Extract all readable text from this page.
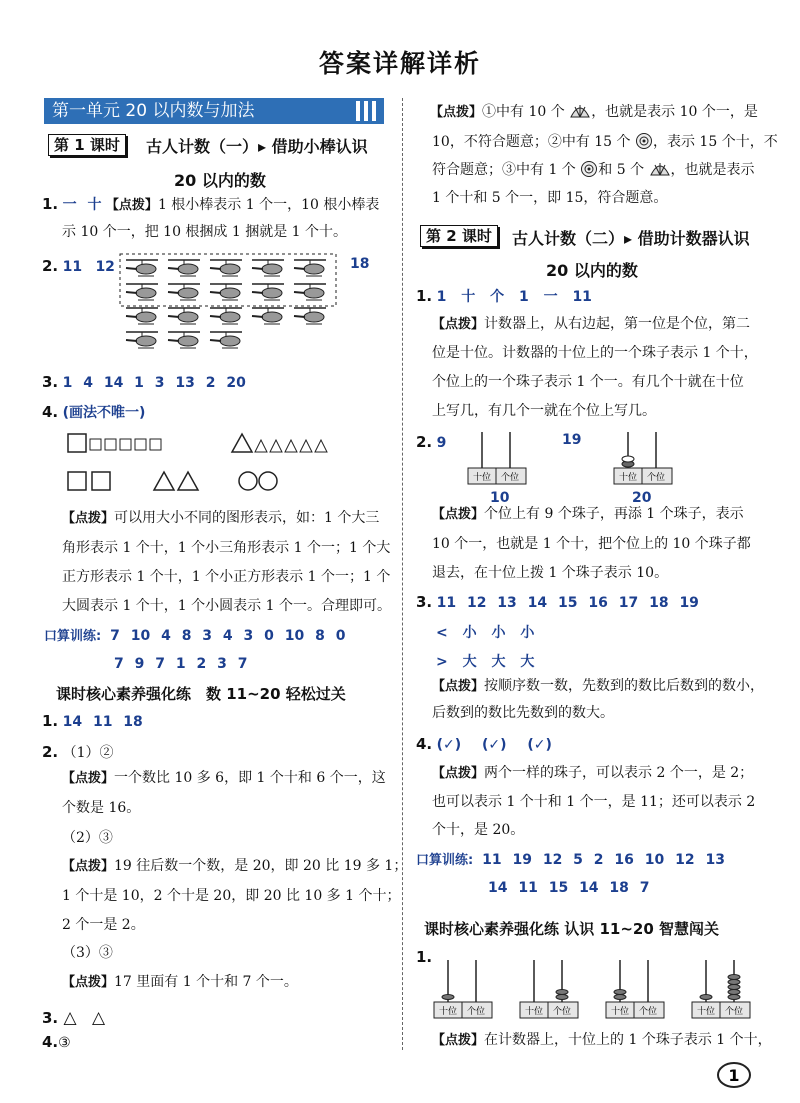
答案详解详析
第一单元 20 以内数与加法
第 1 课时	古人计数（一）▸ 借助小棒认识
20 以内的数
1. 一 十 【点拨】1 根小棒表示 1 个一，10 根小棒表
示 10 个一，把 10 根捆成 1 捆就是 1 个十。
2. 11 12	18
3. 1 4 14 1 3 13 2 20
4. (画法不唯一)
【点拨】可以用大小不同的图形表示，如：1 个大三
角形表示 1 个十，1 个小三角形表示 1 个一；1 个大
正方形表示 1 个十，1 个小正方形表示 1 个一；1 个
大圆表示 1 个十，1 个小圆表示 1 个一。合理即可。
口算训练: 7 10 4 8 3 4 3 0 10 8 0
7 9 7 1 2 3 7
课时核心素养强化练　数 11~20 轻松过关
1. 14 11 18
2. （1）②
【点拨】一个数比 10 多 6，即 1 个十和 6 个一，这
个数是 16。
（2）③
【点拨】19 往后数一个数，是 20，即 20 比 19 多 1；
1 个十是 10，2 个十是 20，即 20 比 10 多 1 个十；
2 个一是 2。
（3）③
【点拨】17 里面有 1 个十和 7 个一。
3. △ △
4.③
【点拨】①中有 10 个 ，也就是表示 10 个一，是
10，不符合题意；②中有 15 个 ，表示 15 个十，不
符合题意；③中有 1 个 和 5 个 ，也就是表示
1 个十和 5 个一，即 15，符合题意。
第 2 课时	古人计数（二）▸ 借助计数器认识
20 以内的数
1. 1 十 个 1 一 11
【点拨】计数器上，从右边起，第一位是个位，第二
位是十位。计数器的十位上的一个珠子表示 1 个十，
个位上的一个珠子表示 1 个一。有几个十就在十位
上写几，有几个一就在个位上写几。
2. 9	19
十位 个位
10
十位 个位
20
【点拨】个位上有 9 个珠子，再添 1 个珠子，表示
10 个一，也就是 1 个十，把个位上的 10 个珠子都
退去，在十位上拨 1 个珠子表示 10。
3. 11 12 13 14 15 16 17 18 19
< 小 小 小
> 大 大 大
【点拨】按顺序数一数，先数到的数比后数到的数小，
后数到的数比先数到的数大。
4. (✓) (✓) (✓)
【点拨】两个一样的珠子，可以表示 2 个一，是 2；
也可以表示 1 个十和 1 个一，是 11；还可以表示 2
个十，是 20。
口算训练: 11 19 12 5 2 16 10 12 13
14 11 15 14 18 7
课时核心素养强化练 认识 11~20 智慧闯关
1.
十位 个位	十位 个位	十位 个位	十位 个位
【点拨】在计数器上，十位上的 1 个珠子表示 1 个十，
1
